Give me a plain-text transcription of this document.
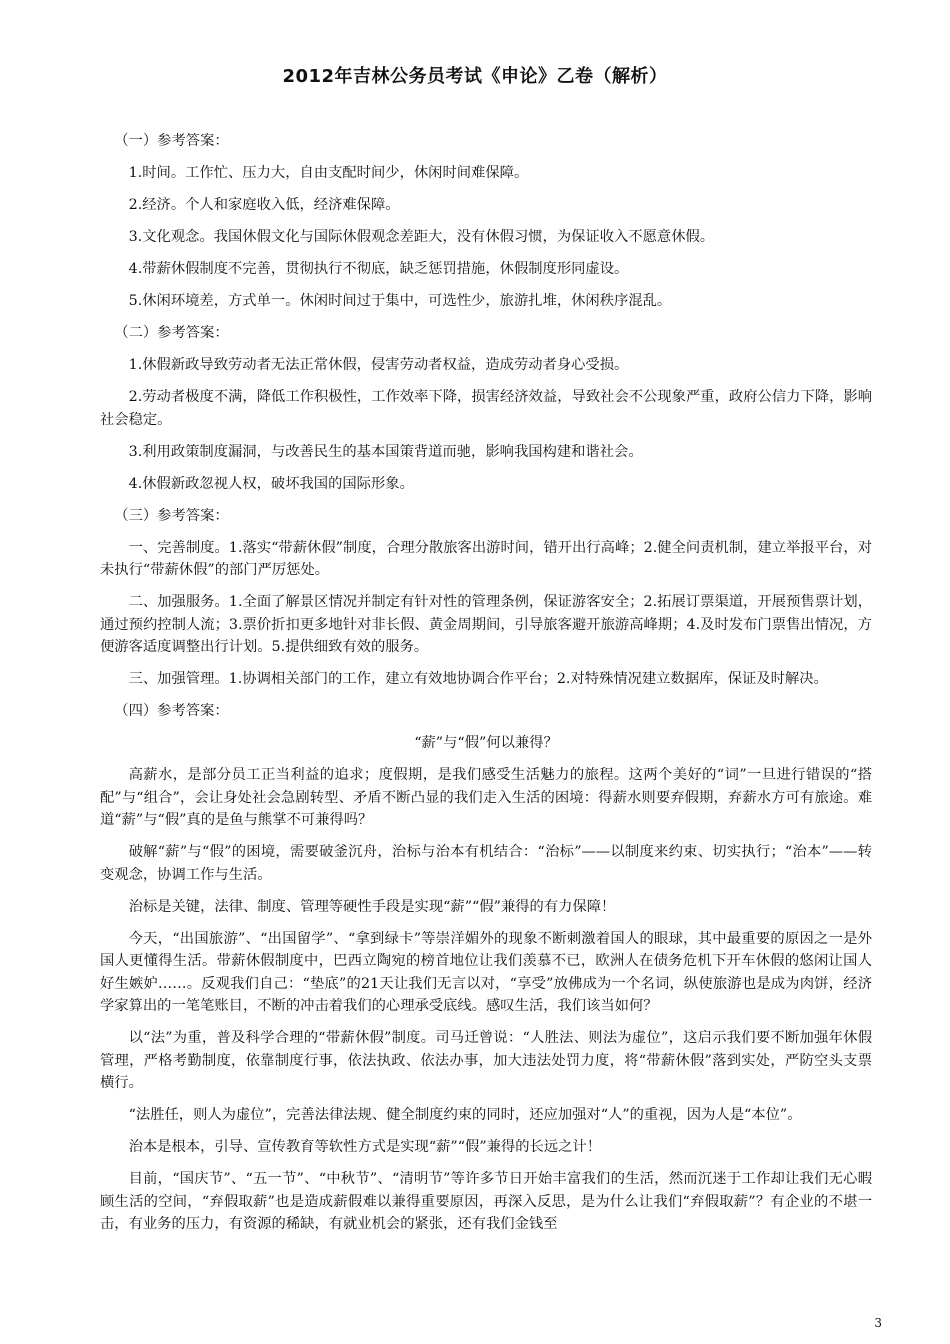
2012年吉林公务员考试《申论》乙卷（解析）

（一）参考答案：

1.时间。工作忙、压力大，自由支配时间少，休闲时间难保障。

2.经济。个人和家庭收入低，经济难保障。

3.文化观念。我国休假文化与国际休假观念差距大，没有休假习惯，为保证收入不愿意休假。

4.带薪休假制度不完善，贯彻执行不彻底，缺乏惩罚措施，休假制度形同虚设。

5.休闲环境差，方式单一。休闲时间过于集中，可选性少，旅游扎堆，休闲秩序混乱。

（二）参考答案：

1.休假新政导致劳动者无法正常休假，侵害劳动者权益，造成劳动者身心受损。

2.劳动者极度不满，降低工作积极性，工作效率下降，损害经济效益，导致社会不公现象严重，政府公信力下降，影响社会稳定。

3.利用政策制度漏洞，与改善民生的基本国策背道而驰，影响我国构建和谐社会。

4.休假新政忽视人权，破坏我国的国际形象。

（三）参考答案：

一、完善制度。1.落实“带薪休假”制度，合理分散旅客出游时间，错开出行高峰；2.健全问责机制，建立举报平台，对未执行“带薪休假”的部门严厉惩处。

二、加强服务。1.全面了解景区情况并制定有针对性的管理条例，保证游客安全；2.拓展订票渠道，开展预售票计划，通过预约控制人流；3.票价折扣更多地针对非长假、黄金周期间，引导旅客避开旅游高峰期；4.及时发布门票售出情况，方便游客适度调整出行计划。5.提供细致有效的服务。

三、加强管理。1.协调相关部门的工作，建立有效地协调合作平台；2.对特殊情况建立数据库，保证及时解决。

（四）参考答案：

“薪”与“假”何以兼得？

高薪水，是部分员工正当利益的追求；度假期，是我们感受生活魅力的旅程。这两个美好的“词”一旦进行错误的“搭配”与“组合”，会让身处社会急剧转型、矛盾不断凸显的我们走入生活的困境：得薪水则要弃假期，弃薪水方可有旅途。难道“薪”与“假”真的是鱼与熊掌不可兼得吗？

破解“薪”与“假”的困境，需要破釜沉舟，治标与治本有机结合：“治标”——以制度来约束、切实执行；“治本”——转变观念，协调工作与生活。

治标是关键，法律、制度、管理等硬性手段是实现“薪”“假”兼得的有力保障！

今天，“出国旅游”、“出国留学”、“拿到绿卡”等崇洋媚外的现象不断刺激着国人的眼球，其中最重要的原因之一是外国人更懂得生活。带薪休假制度中，巴西立陶宛的榜首地位让我们羡慕不已，欧洲人在债务危机下开车休假的悠闲让国人好生嫉妒……。反观我们自己：“垫底”的21天让我们无言以对，“享受”放佛成为一个名词，纵使旅游也是成为肉饼，经济学家算出的一笔笔账目，不断的冲击着我们的心理承受底线。感叹生活，我们该当如何？

以“法”为重，普及科学合理的“带薪休假”制度。司马迁曾说：“人胜法、则法为虚位”，这启示我们要不断加强年休假管理，严格考勤制度，依靠制度行事，依法执政、依法办事，加大违法处罚力度，将“带薪休假”落到实处，严防空头支票横行。

“法胜任，则人为虚位”，完善法律法规、健全制度约束的同时，还应加强对“人”的重视，因为人是“本位”。

治本是根本，引导、宣传教育等软性方式是实现“薪”“假”兼得的长远之计！

目前，“国庆节”、“五一节”、“中秋节”、“清明节”等许多节日开始丰富我们的生活，然而沉迷于工作却让我们无心暇顾生活的空间，“弃假取薪”也是造成薪假难以兼得重要原因，再深入反思，是为什么让我们“弃假取薪”？有企业的不堪一击，有业务的压力，有资源的稀缺，有就业机会的紧张，还有我们金钱至

3
